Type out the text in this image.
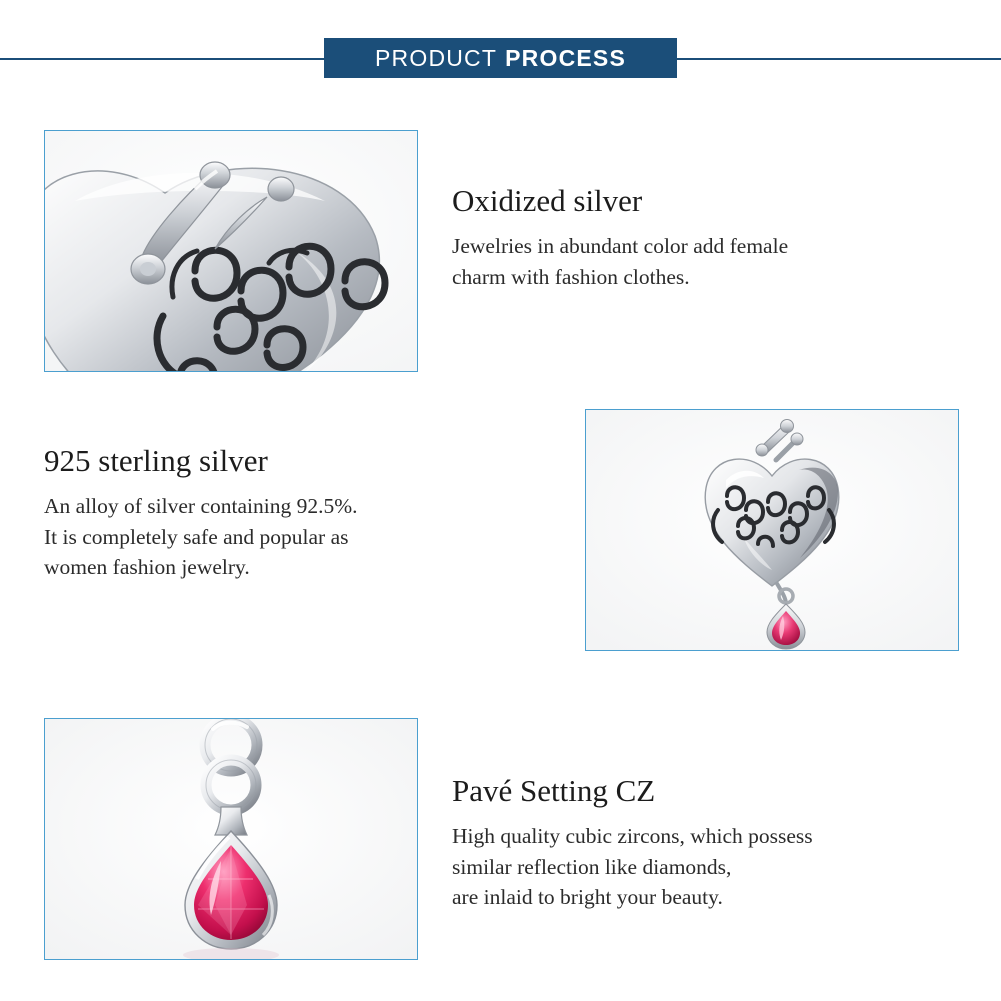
PRODUCT PROCESS
Oxidized silver
Jewelries in abundant color add female
charm with fashion clothes.
925 sterling silver
An alloy of silver containing 92.5%.
It is completely safe and popular as
women fashion jewelry.
Pavé Setting CZ
High quality cubic zircons, which possess
similar reflection like diamonds,
are inlaid to bright your beauty.
